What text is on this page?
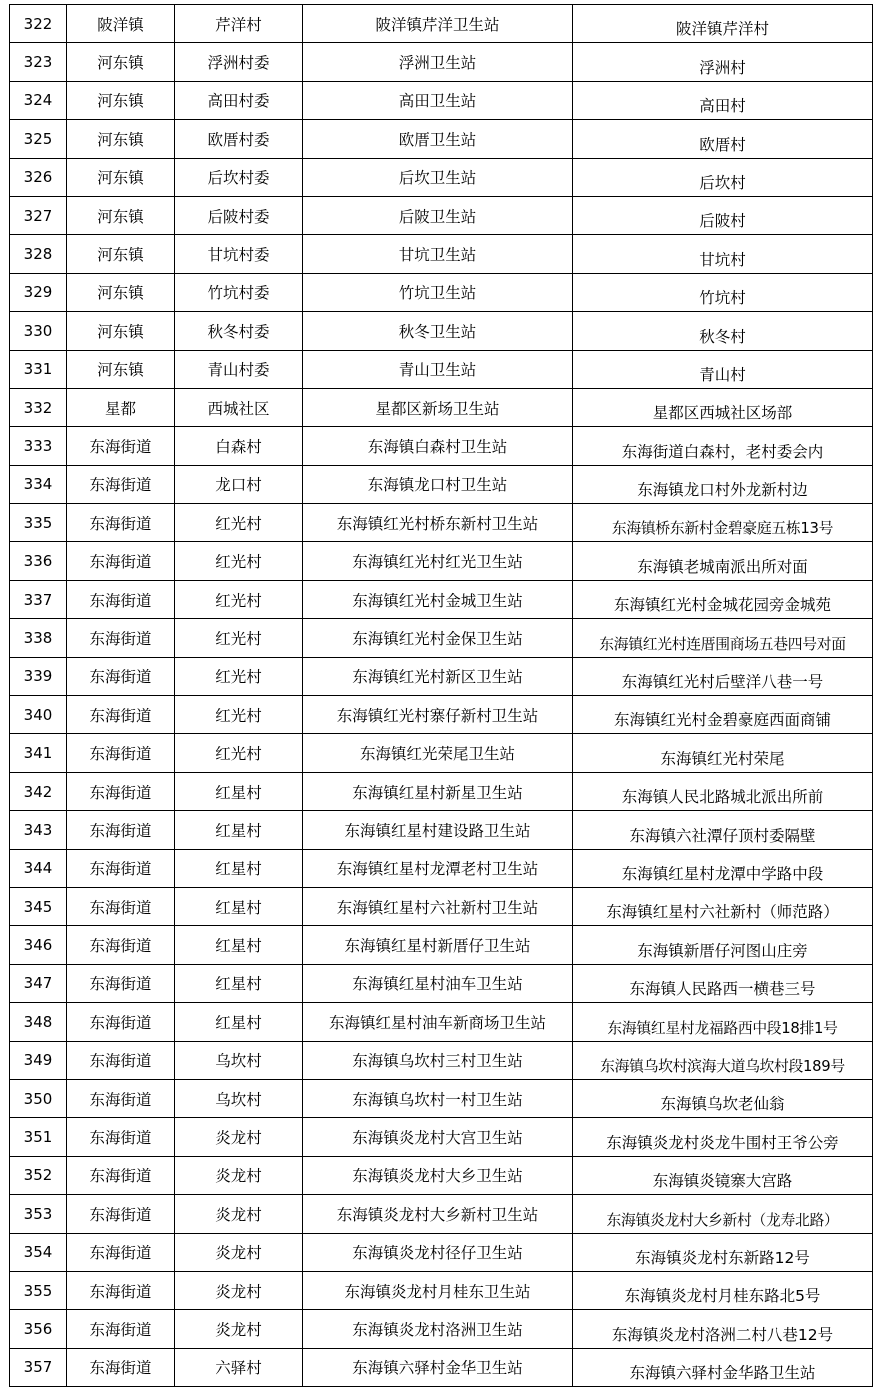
322	陂洋镇	芹洋村	陂洋镇芹洋卫生站	陂洋镇芹洋村
323	河东镇	浮洲村委	浮洲卫生站	浮洲村
324	河东镇	高田村委	高田卫生站	高田村
325	河东镇	欧厝村委	欧厝卫生站	欧厝村
326	河东镇	后坎村委	后坎卫生站	后坎村
327	河东镇	后陂村委	后陂卫生站	后陂村
328	河东镇	甘坑村委	甘坑卫生站	甘坑村
329	河东镇	竹坑村委	竹坑卫生站	竹坑村
330	河东镇	秋冬村委	秋冬卫生站	秋冬村
331	河东镇	青山村委	青山卫生站	青山村
332	星都	西城社区	星都区新场卫生站	星都区西城社区场部
333	东海街道	白森村	东海镇白森村卫生站	东海街道白森村，老村委会内
334	东海街道	龙口村	东海镇龙口村卫生站	东海镇龙口村外龙新村边
335	东海街道	红光村	东海镇红光村桥东新村卫生站	东海镇桥东新村金碧豪庭五栋13号
336	东海街道	红光村	东海镇红光村红光卫生站	东海镇老城南派出所对面
337	东海街道	红光村	东海镇红光村金城卫生站	东海镇红光村金城花园旁金城苑
338	东海街道	红光村	东海镇红光村金保卫生站	东海镇红光村连厝围商场五巷四号对面
339	东海街道	红光村	东海镇红光村新区卫生站	东海镇红光村后壁洋八巷一号
340	东海街道	红光村	东海镇红光村寨仔新村卫生站	东海镇红光村金碧豪庭西面商铺
341	东海街道	红光村	东海镇红光荣尾卫生站	东海镇红光村荣尾
342	东海街道	红星村	东海镇红星村新星卫生站	东海镇人民北路城北派出所前
343	东海街道	红星村	东海镇红星村建设路卫生站	东海镇六社潭仔顶村委隔壁
344	东海街道	红星村	东海镇红星村龙潭老村卫生站	东海镇红星村龙潭中学路中段
345	东海街道	红星村	东海镇红星村六社新村卫生站	东海镇红星村六社新村（师范路）
346	东海街道	红星村	东海镇红星村新厝仔卫生站	东海镇新厝仔河图山庄旁
347	东海街道	红星村	东海镇红星村油车卫生站	东海镇人民路西一横巷三号
348	东海街道	红星村	东海镇红星村油车新商场卫生站	东海镇红星村龙福路西中段18排1号
349	东海街道	乌坎村	东海镇乌坎村三村卫生站	东海镇乌坎村滨海大道乌坎村段189号
350	东海街道	乌坎村	东海镇乌坎村一村卫生站	东海镇乌坎老仙翁
351	东海街道	炎龙村	东海镇炎龙村大宫卫生站	东海镇炎龙村炎龙牛围村王爷公旁
352	东海街道	炎龙村	东海镇炎龙村大乡卫生站	东海镇炎镜寨大宫路
353	东海街道	炎龙村	东海镇炎龙村大乡新村卫生站	东海镇炎龙村大乡新村（龙寿北路）
354	东海街道	炎龙村	东海镇炎龙村径仔卫生站	东海镇炎龙村东新路12号
355	东海街道	炎龙村	东海镇炎龙村月桂东卫生站	东海镇炎龙村月桂东路北5号
356	东海街道	炎龙村	东海镇炎龙村洛洲卫生站	东海镇炎龙村洛洲二村八巷12号
357	东海街道	六驿村	东海镇六驿村金华卫生站	东海镇六驿村金华路卫生站
